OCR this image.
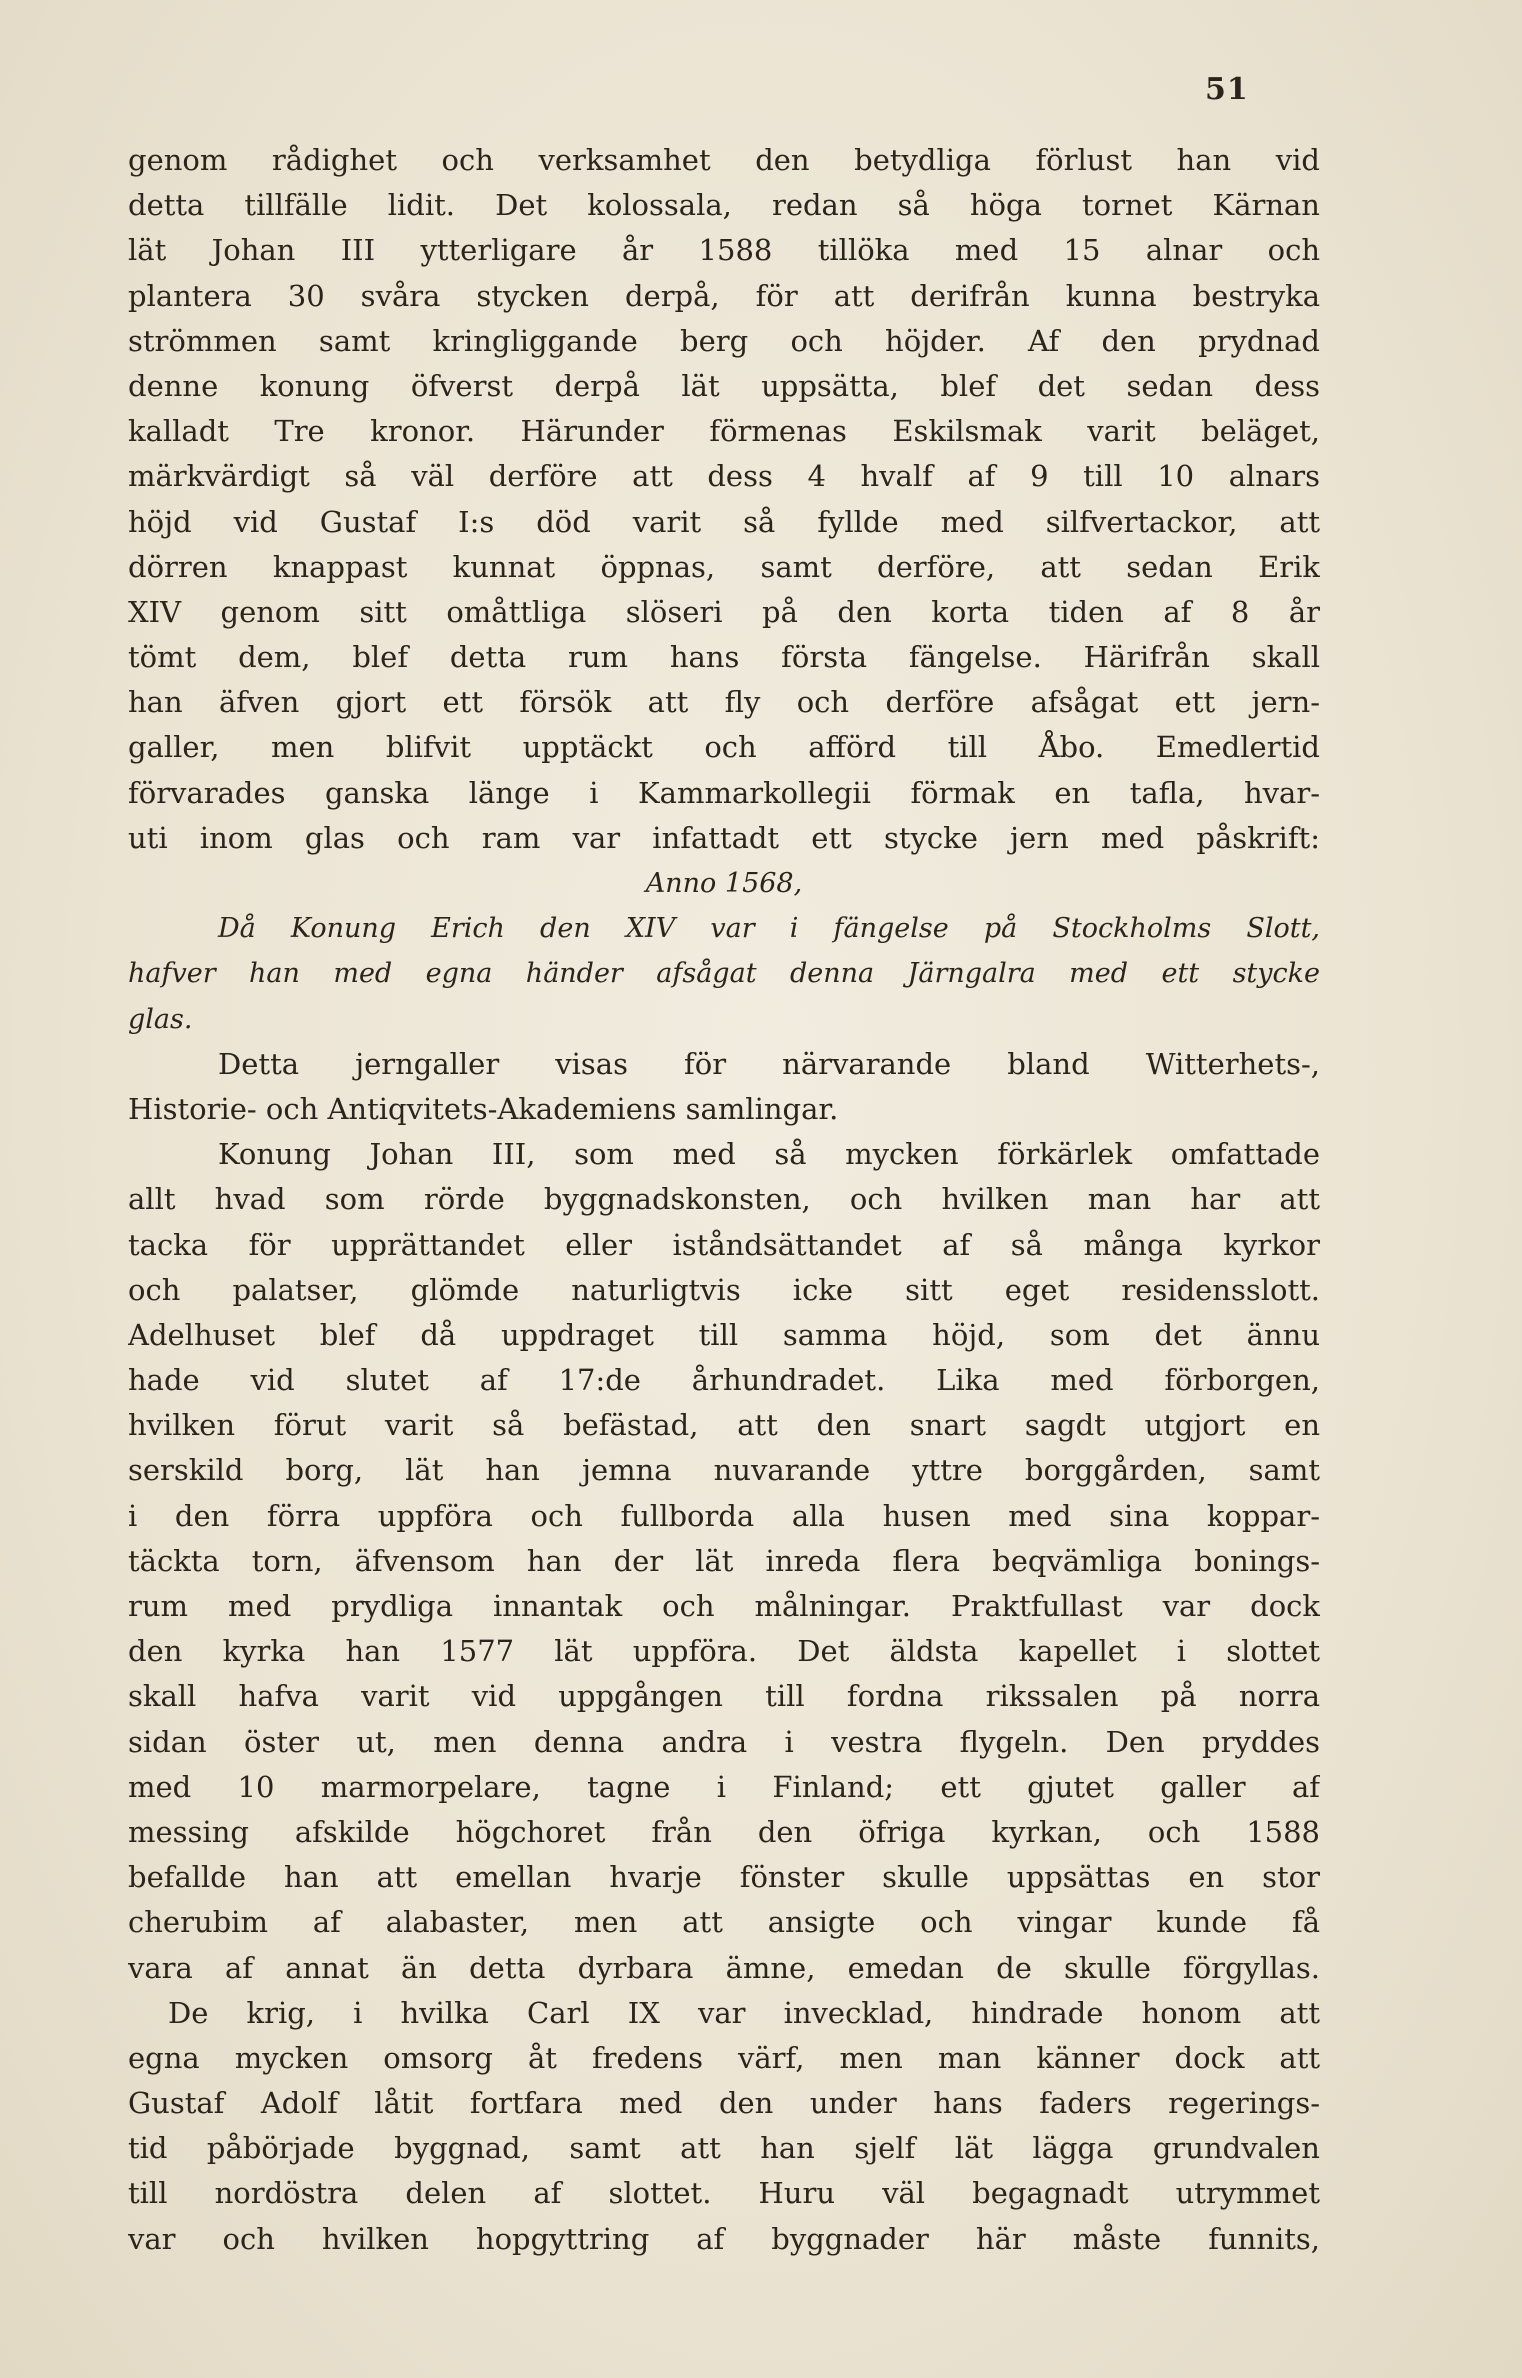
51
genom rådighet och verksamhet den betydliga förlust han vid
detta tillfälle lidit. Det kolossala, redan så höga tornet Kärnan
lät Johan III ytterligare år 1588 tillöka med 15 alnar och
plantera 30 svåra stycken derpå, för att derifrån kunna bestryka
strömmen samt kringliggande berg och höjder. Af den prydnad
denne konung öfverst derpå lät uppsätta, blef det sedan dess
kalladt Tre kronor. Härunder förmenas Eskilsmak varit beläget,
märkvärdigt så väl derföre att dess 4 hvalf af 9 till 10 alnars
höjd vid Gustaf I:s död varit så fyllde med silfvertackor, att
dörren knappast kunnat öppnas, samt derföre, att sedan Erik
XIV genom sitt omåttliga slöseri på den korta tiden af 8 år
tömt dem, blef detta rum hans första fängelse. Härifrån skall
han äfven gjort ett försök att fly och derföre afsågat ett jern-
galler, men blifvit upptäckt och afförd till Åbo. Emedlertid
förvarades ganska länge i Kammarkollegii förmak en tafla, hvar-
uti inom glas och ram var infattadt ett stycke jern med påskrift:
Anno 1568,
Då Konung Erich den XIV var i fängelse på Stockholms Slott,
hafver han med egna händer afsågat denna Järngalra med ett stycke
glas.
Detta jerngaller visas för närvarande bland Witterhets-,
Historie- och Antiqvitets-Akademiens samlingar.
Konung Johan III, som med så mycken förkärlek omfattade
allt hvad som rörde byggnadskonsten, och hvilken man har att
tacka för upprättandet eller iståndsättandet af så många kyrkor
och palatser, glömde naturligtvis icke sitt eget residensslott.
Adelhuset blef då uppdraget till samma höjd, som det ännu
hade vid slutet af 17:de århundradet. Lika med förborgen,
hvilken förut varit så befästad, att den snart sagdt utgjort en
serskild borg, lät han jemna nuvarande yttre borggården, samt
i den förra uppföra och fullborda alla husen med sina koppar-
täckta torn, äfvensom han der lät inreda flera beqvämliga bonings-
rum med prydliga innantak och målningar. Praktfullast var dock
den kyrka han 1577 lät uppföra. Det äldsta kapellet i slottet
skall hafva varit vid uppgången till fordna rikssalen på norra
sidan öster ut, men denna andra i vestra flygeln. Den pryddes
med 10 marmorpelare, tagne i Finland; ett gjutet galler af
messing afskilde högchoret från den öfriga kyrkan, och 1588
befallde han att emellan hvarje fönster skulle uppsättas en stor
cherubim af alabaster, men att ansigte och vingar kunde få
vara af annat än detta dyrbara ämne, emedan de skulle förgyllas.
De krig, i hvilka Carl IX var invecklad, hindrade honom att
egna mycken omsorg åt fredens värf, men man känner dock att
Gustaf Adolf låtit fortfara med den under hans faders regerings-
tid påbörjade byggnad, samt att han sjelf lät lägga grundvalen
till nordöstra delen af slottet. Huru väl begagnadt utrymmet
var och hvilken hopgyttring af byggnader här måste funnits,
